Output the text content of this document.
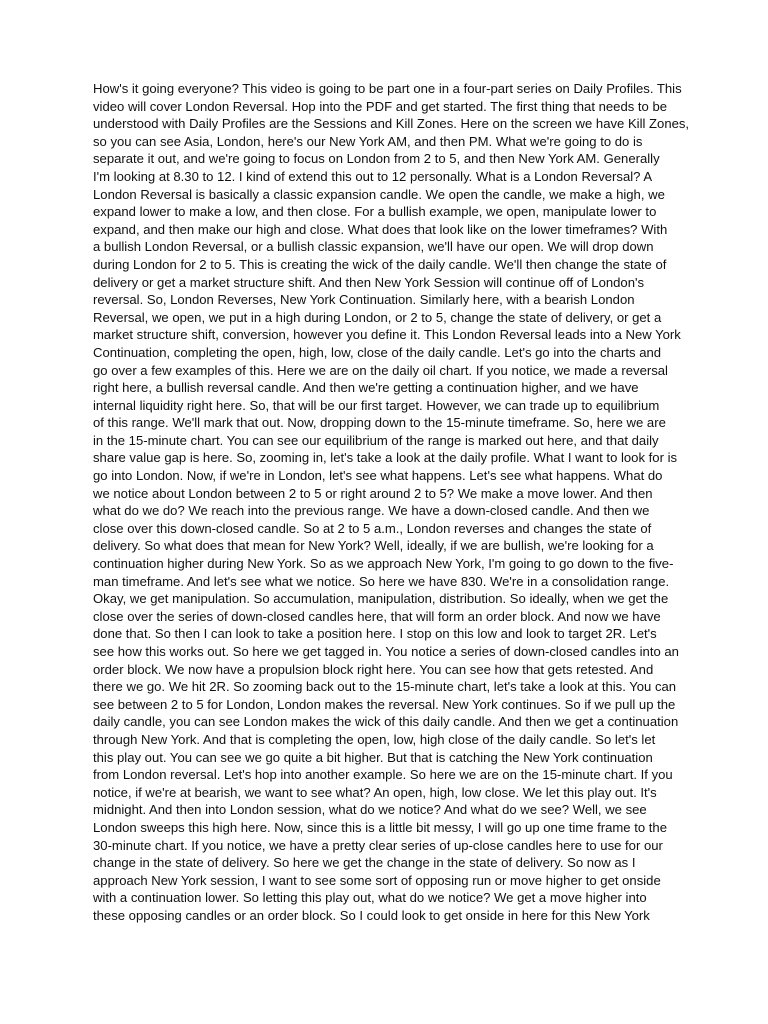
How's it going everyone? This video is going to be part one in a four-part series on Daily Profiles. This
video will cover London Reversal. Hop into the PDF and get started. The first thing that needs to be
understood with Daily Profiles are the Sessions and Kill Zones. Here on the screen we have Kill Zones,
so you can see Asia, London, here's our New York AM, and then PM. What we're going to do is
separate it out, and we're going to focus on London from 2 to 5, and then New York AM. Generally
I'm looking at 8.30 to 12. I kind of extend this out to 12 personally. What is a London Reversal? A
London Reversal is basically a classic expansion candle. We open the candle, we make a high, we
expand lower to make a low, and then close. For a bullish example, we open, manipulate lower to
expand, and then make our high and close. What does that look like on the lower timeframes? With
a bullish London Reversal, or a bullish classic expansion, we'll have our open. We will drop down
during London for 2 to 5. This is creating the wick of the daily candle. We'll then change the state of
delivery or get a market structure shift. And then New York Session will continue off of London's
reversal. So, London Reverses, New York Continuation. Similarly here, with a bearish London
Reversal, we open, we put in a high during London, or 2 to 5, change the state of delivery, or get a
market structure shift, conversion, however you define it. This London Reversal leads into a New York
Continuation, completing the open, high, low, close of the daily candle. Let's go into the charts and
go over a few examples of this. Here we are on the daily oil chart. If you notice, we made a reversal
right here, a bullish reversal candle. And then we're getting a continuation higher, and we have
internal liquidity right here. So, that will be our first target. However, we can trade up to equilibrium
of this range. We'll mark that out. Now, dropping down to the 15-minute timeframe. So, here we are
in the 15-minute chart. You can see our equilibrium of the range is marked out here, and that daily
share value gap is here. So, zooming in, let's take a look at the daily profile. What I want to look for is
go into London. Now, if we're in London, let's see what happens. Let's see what happens. What do
we notice about London between 2 to 5 or right around 2 to 5? We make a move lower. And then
what do we do? We reach into the previous range. We have a down-closed candle. And then we
close over this down-closed candle. So at 2 to 5 a.m., London reverses and changes the state of
delivery. So what does that mean for New York? Well, ideally, if we are bullish, we're looking for a
continuation higher during New York. So as we approach New York, I'm going to go down to the five-
man timeframe. And let's see what we notice. So here we have 830. We're in a consolidation range.
Okay, we get manipulation. So accumulation, manipulation, distribution. So ideally, when we get the
close over the series of down-closed candles here, that will form an order block. And now we have
done that. So then I can look to take a position here. I stop on this low and look to target 2R. Let's
see how this works out. So here we get tagged in. You notice a series of down-closed candles into an
order block. We now have a propulsion block right here. You can see how that gets retested. And
there we go. We hit 2R. So zooming back out to the 15-minute chart, let's take a look at this. You can
see between 2 to 5 for London, London makes the reversal. New York continues. So if we pull up the
daily candle, you can see London makes the wick of this daily candle. And then we get a continuation
through New York. And that is completing the open, low, high close of the daily candle. So let's let
this play out. You can see we go quite a bit higher. But that is catching the New York continuation
from London reversal. Let's hop into another example. So here we are on the 15-minute chart. If you
notice, if we're at bearish, we want to see what? An open, high, low close. We let this play out. It's
midnight. And then into London session, what do we notice? And what do we see? Well, we see
London sweeps this high here. Now, since this is a little bit messy, I will go up one time frame to the
30-minute chart. If you notice, we have a pretty clear series of up-close candles here to use for our
change in the state of delivery. So here we get the change in the state of delivery. So now as I
approach New York session, I want to see some sort of opposing run or move higher to get onside
with a continuation lower. So letting this play out, what do we notice? We get a move higher into
these opposing candles or an order block. So I could look to get onside in here for this New York
